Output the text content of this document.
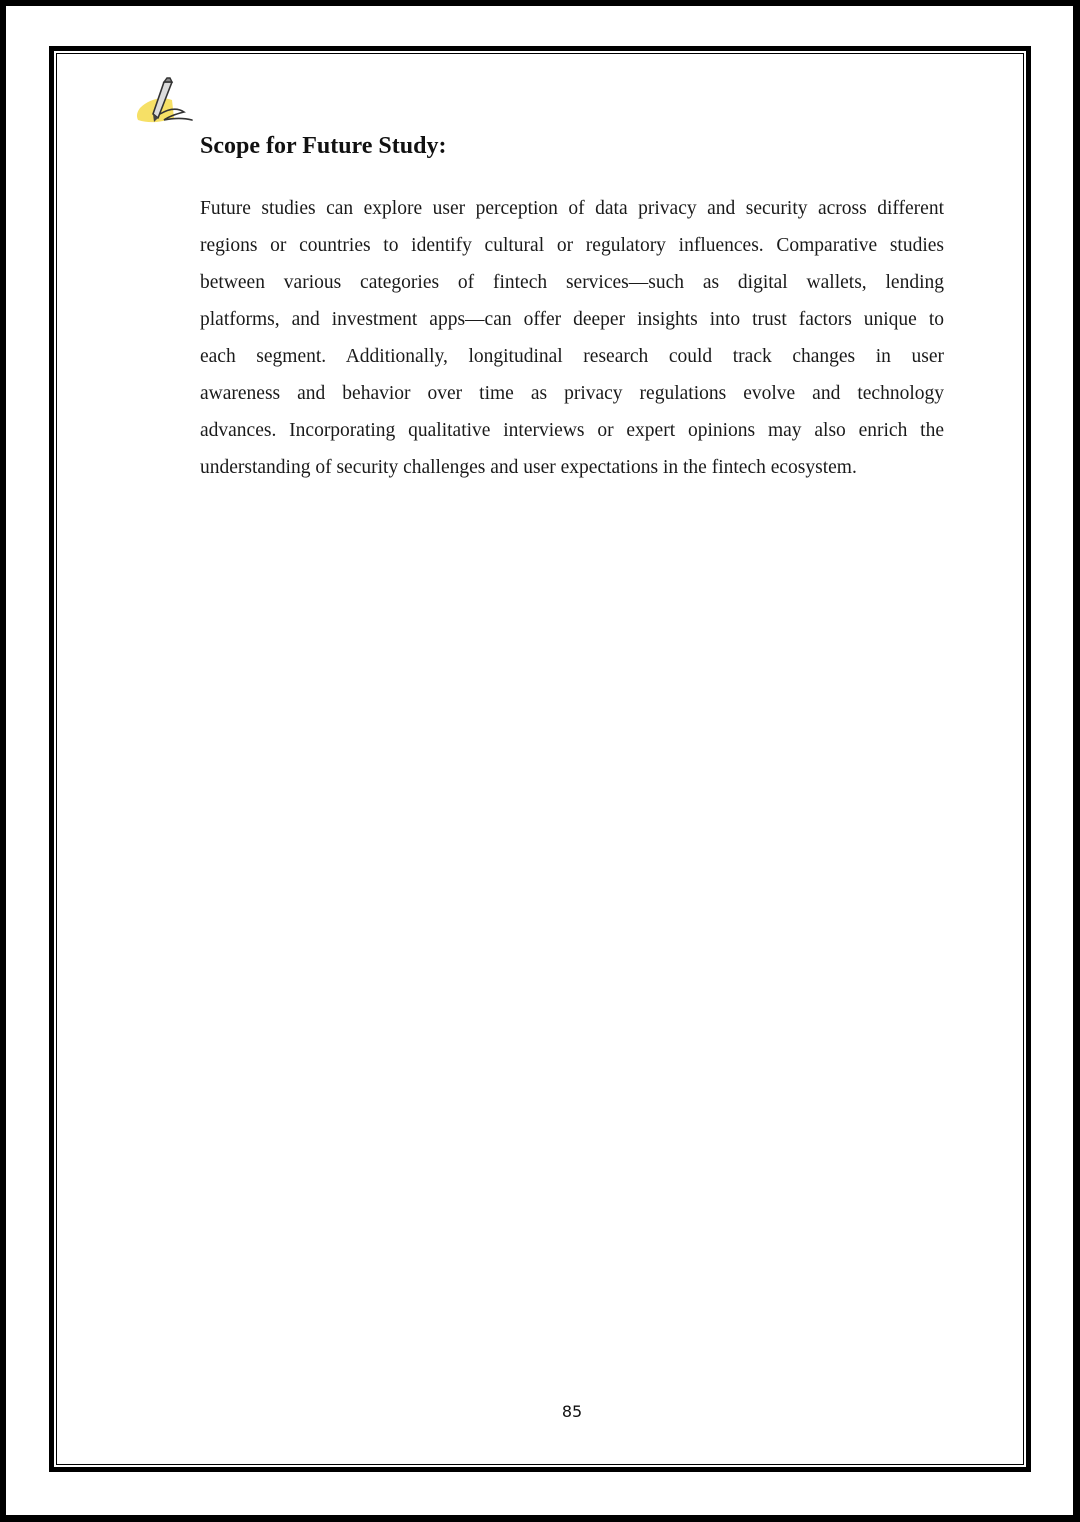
Scope for Future Study:
Future studies can explore user perception of data privacy and security across different
regions or countries to identify cultural or regulatory influences. Comparative studies
between various categories of fintech services—such as digital wallets, lending
platforms, and investment apps—can offer deeper insights into trust factors unique to
each segment. Additionally, longitudinal research could track changes in user
awareness and behavior over time as privacy regulations evolve and technology
advances. Incorporating qualitative interviews or expert opinions may also enrich the
understanding of security challenges and user expectations in the fintech ecosystem.
85
